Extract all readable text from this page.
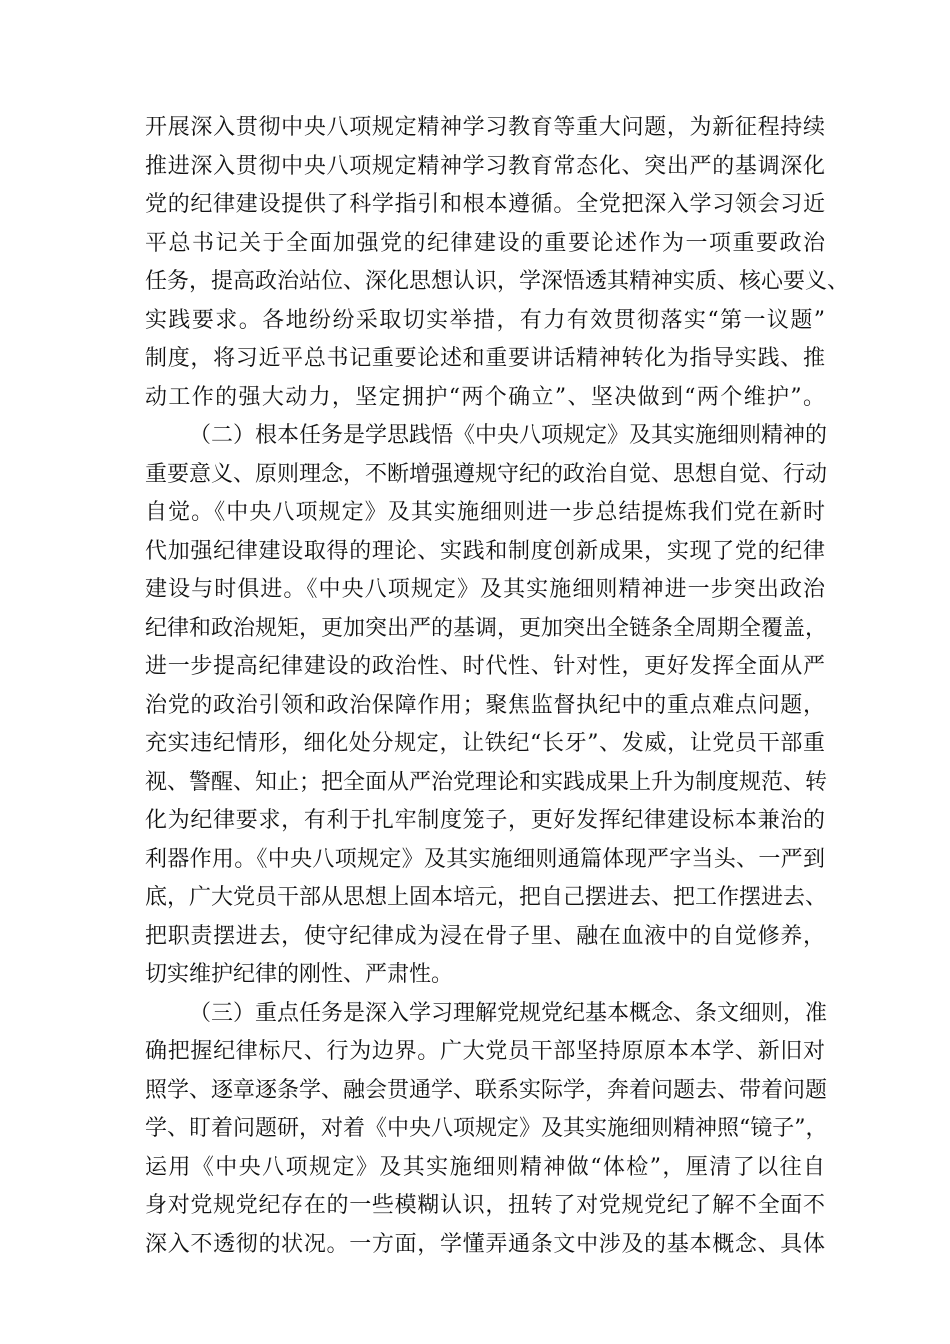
开展深入贯彻中央八项规定精神学习教育等重大问题，为新征程持续
推进深入贯彻中央八项规定精神学习教育常态化、突出严的基调深化
党的纪律建设提供了科学指引和根本遵循。全党把深入学习领会习近
平总书记关于全面加强党的纪律建设的重要论述作为一项重要政治
任务，提高政治站位、深化思想认识，学深悟透其精神实质、核心要义、
实践要求。各地纷纷采取切实举措，有力有效贯彻落实“第一议题”
制度，将习近平总书记重要论述和重要讲话精神转化为指导实践、推
动工作的强大动力，坚定拥护“两个确立”、坚决做到“两个维护”。
（二）根本任务是学思践悟《中央八项规定》及其实施细则精神的
重要意义、原则理念，不断增强遵规守纪的政治自觉、思想自觉、行动
自觉。《中央八项规定》及其实施细则进一步总结提炼我们党在新时
代加强纪律建设取得的理论、实践和制度创新成果，实现了党的纪律
建设与时俱进。《中央八项规定》及其实施细则精神进一步突出政治
纪律和政治规矩，更加突出严的基调，更加突出全链条全周期全覆盖，
进一步提高纪律建设的政治性、时代性、针对性，更好发挥全面从严
治党的政治引领和政治保障作用；聚焦监督执纪中的重点难点问题，
充实违纪情形，细化处分规定，让铁纪“长牙”、发威，让党员干部重
视、警醒、知止；把全面从严治党理论和实践成果上升为制度规范、转
化为纪律要求，有利于扎牢制度笼子，更好发挥纪律建设标本兼治的
利器作用。《中央八项规定》及其实施细则通篇体现严字当头、一严到
底，广大党员干部从思想上固本培元，把自己摆进去、把工作摆进去、
把职责摆进去，使守纪律成为浸在骨子里、融在血液中的自觉修养，
切实维护纪律的刚性、严肃性。
（三）重点任务是深入学习理解党规党纪基本概念、条文细则，准
确把握纪律标尺、行为边界。广大党员干部坚持原原本本学、新旧对
照学、逐章逐条学、融会贯通学、联系实际学，奔着问题去、带着问题
学、盯着问题研，对着《中央八项规定》及其实施细则精神照“镜子”，
运用《中央八项规定》及其实施细则精神做“体检”，厘清了以往自
身对党规党纪存在的一些模糊认识，扭转了对党规党纪了解不全面不
深入不透彻的状况。一方面，学懂弄通条文中涉及的基本概念、具体
